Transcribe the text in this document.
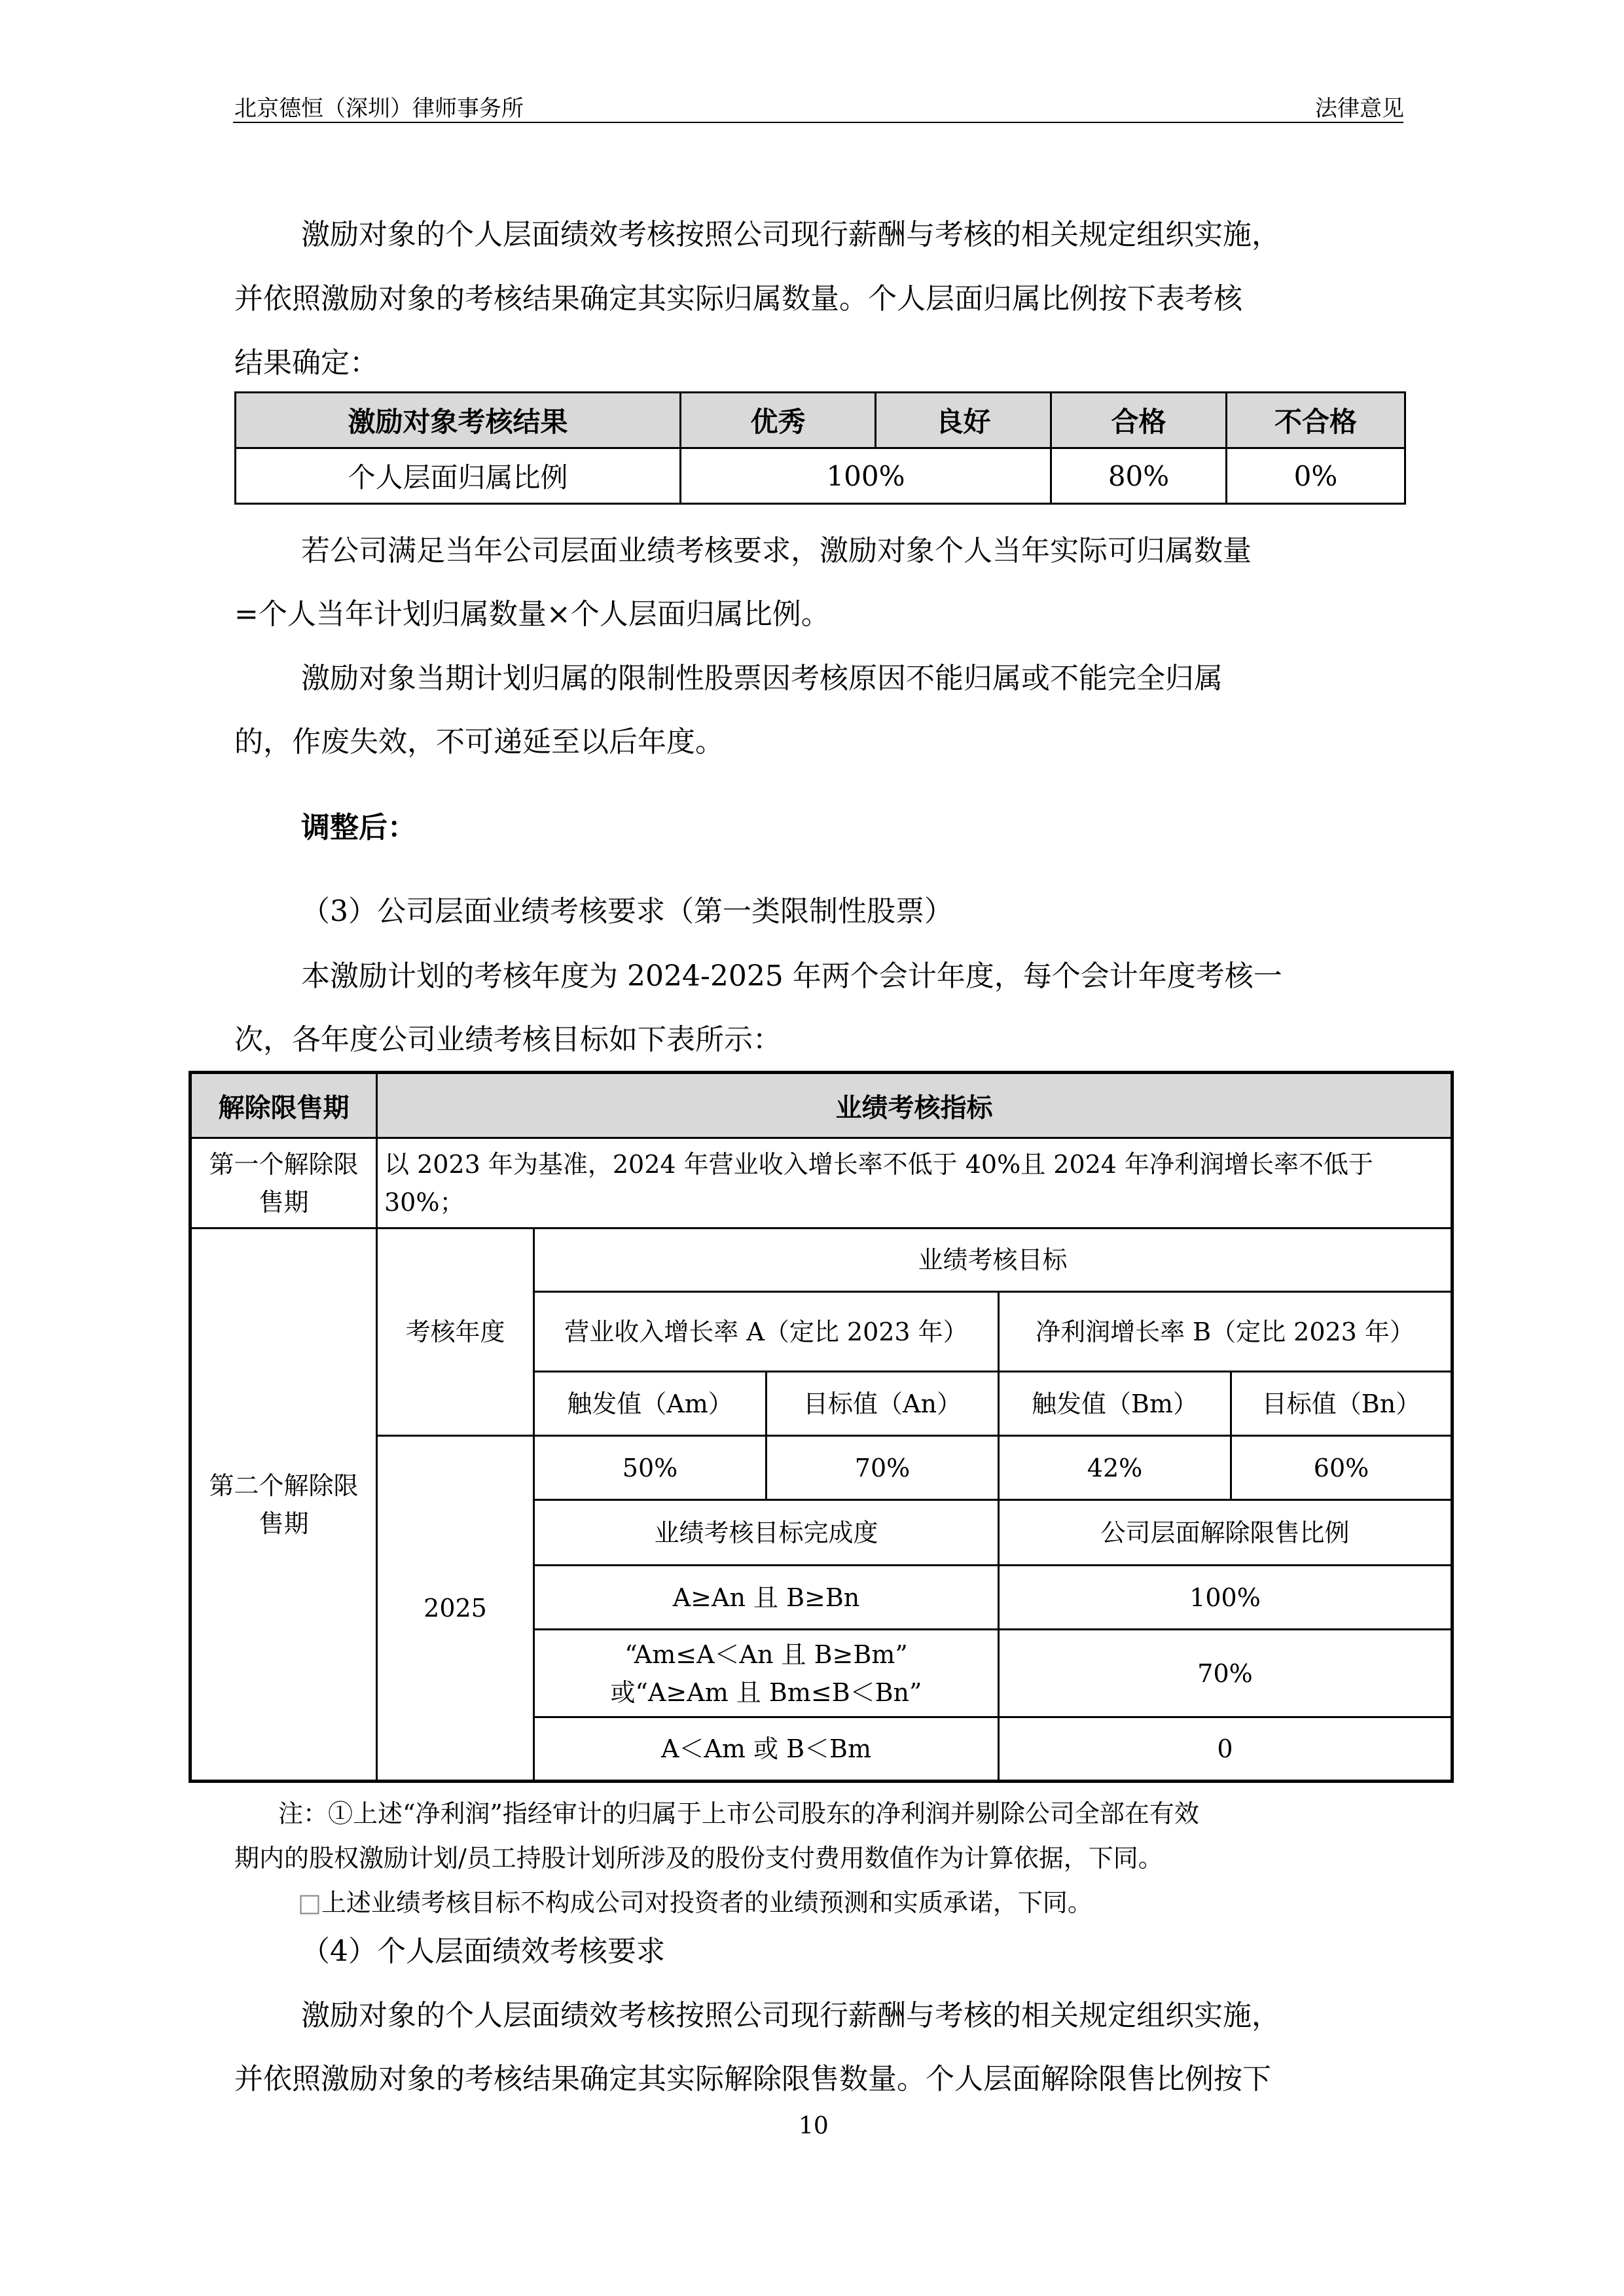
北京德恒（深圳）律师事务所	法律意见
激励对象的个人层面绩效考核按照公司现行薪酬与考核的相关规定组织实施，
并依照激励对象的考核结果确定其实际归属数量。个人层面归属比例按下表考核
结果确定：
激励对象考核结果	优秀	良好	合格	不合格
个人层面归属比例	100%		80%	0%
若公司满足当年公司层面业绩考核要求，激励对象个人当年实际可归属数量
=个人当年计划归属数量×个人层面归属比例。
激励对象当期计划归属的限制性股票因考核原因不能归属或不能完全归属
的，作废失效，不可递延至以后年度。
调整后：
（3）公司层面业绩考核要求（第一类限制性股票）
本激励计划的考核年度为 2024-2025 年两个会计年度，每个会计年度考核一
次，各年度公司业绩考核目标如下表所示：
解除限售期	业绩考核指标				
第一个解除限售期	以 2023 年为基准，2024 年营业收入增长率不低于 40%且 2024 年净利润增长率不低于 30%；				
第二个解除限售期	考核年度	业绩考核目标			
		营业收入增长率 A（定比 2023 年）		净利润增长率 B（定比 2023 年）	
		触发值（Am）	目标值（An）	触发值（Bm）	目标值（Bn）
	2025	50%	70%	42%	60%
		业绩考核目标完成度		公司层面解除限售比例	
		A≥An 且 B≥Bn		100%	

		“Am≤A＜An 且 B≥Bm”
或“A≥Am 且 Bm≤B＜Bn”		70%	
		A＜Am 或 B＜Bm		0	
注：①上述“净利润”指经审计的归属于上市公司股东的净利润并剔除公司全部在有效
期内的股权激励计划/员工持股计划所涉及的股份支付费用数值作为计算依据，下同。
□上述业绩考核目标不构成公司对投资者的业绩预测和实质承诺，下同。
（4）个人层面绩效考核要求
激励对象的个人层面绩效考核按照公司现行薪酬与考核的相关规定组织实施，
并依照激励对象的考核结果确定其实际解除限售数量。个人层面解除限售比例按下
10
